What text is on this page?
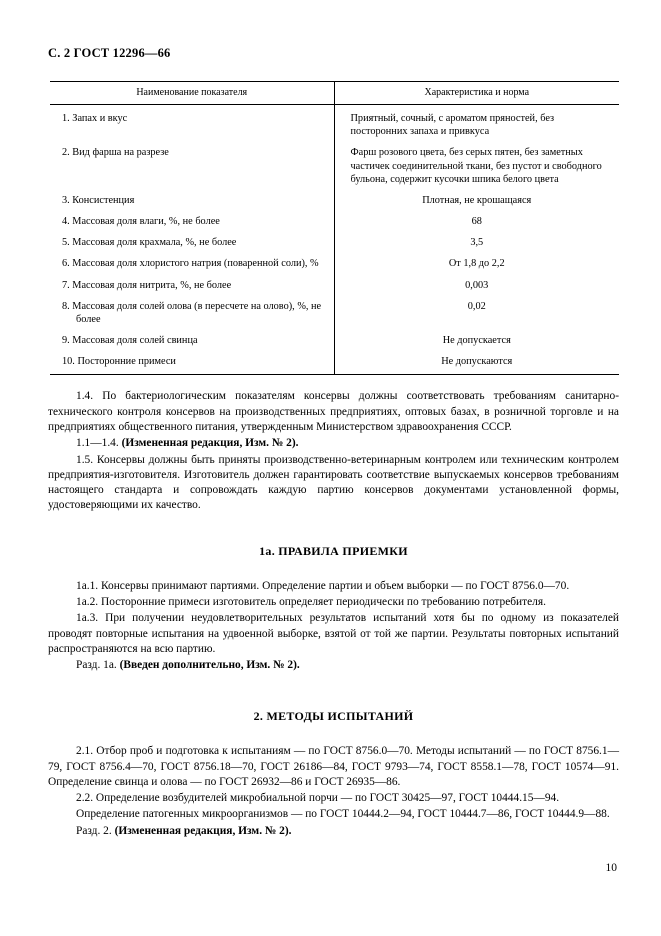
С. 2 ГОСТ 12296—66
Наименование показателя	Характеристика и норма
1. Запах и вкус	Приятный, сочный, с ароматом пряностей, без посторонних запаха и привкуса
2. Вид фарша на разрезе	Фарш розового цвета, без серых пятен, без заметных частичек соединительной ткани, без пустот и свободного бульона, содержит кусочки шпика белого цвета
3. Консистенция	Плотная, не крошащаяся
4. Массовая доля влаги, %, не более	68
5. Массовая доля крахмала, %, не более	3,5
6. Массовая доля хлористого натрия (поваренной соли), %	От 1,8 до 2,2
7. Массовая доля нитрита, %, не более	0,003
8. Массовая доля солей олова (в пересчете на олово), %, не более	0,02
9. Массовая доля солей свинца	Не допускается
10. Посторонние примеси	Не допускаются

1.4. По бактериологическим показателям консервы должны соответствовать требованиям санитарно-технического контроля консервов на производственных предприятиях, оптовых базах, в розничной торговле и на предприятиях общественного питания, утвержденным Министерством здравоохранения СССР.

1.1—1.4. (Измененная редакция, Изм. № 2).

1.5. Консервы должны быть приняты производственно-ветеринарным контролем или техническим контролем предприятия-изготовителя. Изготовитель должен гарантировать соответствие выпускаемых консервов требованиям настоящего стандарта и сопровождать каждую партию консервов документами установленной формы, удостоверяющими их качество.

1а. ПРАВИЛА ПРИЕМКИ

1а.1. Консервы принимают партиями. Определение партии и объем выборки — по ГОСТ 8756.0—70.

1а.2. Посторонние примеси изготовитель определяет периодически по требованию потребителя.

1а.3. При получении неудовлетворительных результатов испытаний хотя бы по одному из показателей проводят повторные испытания на удвоенной выборке, взятой от той же партии. Результаты повторных испытаний распространяются на всю партию.

Разд. 1а. (Введен дополнительно, Изм. № 2).

2. МЕТОДЫ ИСПЫТАНИЙ

2.1. Отбор проб и подготовка к испытаниям — по ГОСТ 8756.0—70. Методы испытаний — по ГОСТ 8756.1—79, ГОСТ 8756.4—70, ГОСТ 8756.18—70, ГОСТ 26186—84, ГОСТ 9793—74, ГОСТ 8558.1—78, ГОСТ 10574—91. Определение свинца и олова — по ГОСТ 26932—86 и ГОСТ 26935—86.

2.2. Определение возбудителей микробиальной порчи — по ГОСТ 30425—97, ГОСТ 10444.15—94.

Определение патогенных микроорганизмов — по ГОСТ 10444.2—94, ГОСТ 10444.7—86, ГОСТ 10444.9—88.

Разд. 2. (Измененная редакция, Изм. № 2).

10
